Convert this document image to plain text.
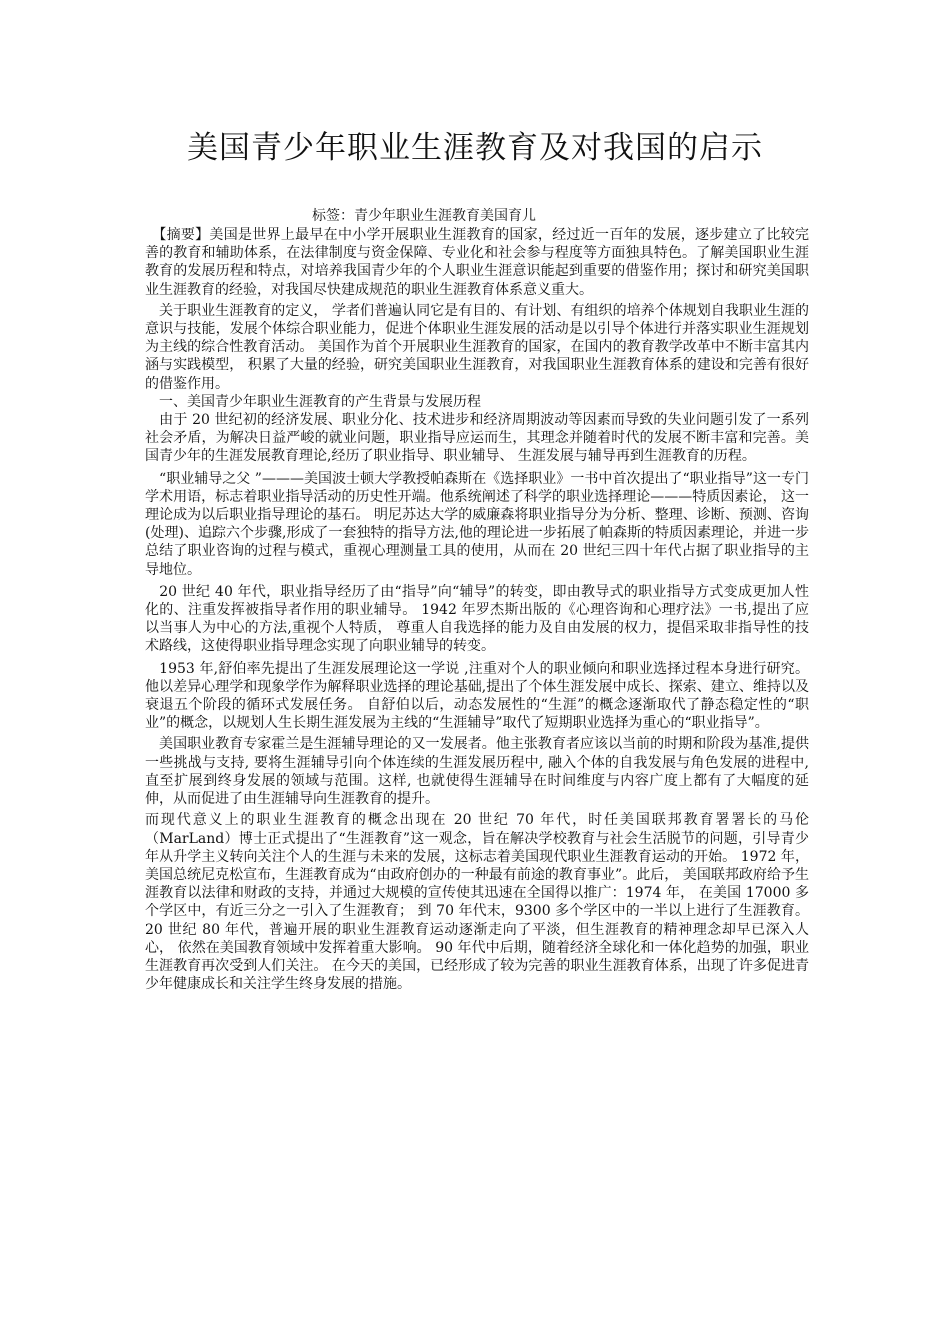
美国青少年职业生涯教育及对我国的启示
标签：青少年职业生涯教育美国育儿

　【摘要】美国是世界上最早在中小学开展职业生涯教育的国家，经过近一百年的发展，逐步建立了比较完善的教育和辅助体系，在法律制度与资金保障、专业化和社会参与程度等方面独具特色。了解美国职业生涯教育的发展历程和特点，对培养我国青少年的个人职业生涯意识能起到重要的借鉴作用；探讨和研究美国职业生涯教育的经验，对我国尽快建成规范的职业生涯教育体系意义重大。

　关于职业生涯教育的定义， 学者们普遍认同它是有目的、有计划、有组织的培养个体规划自我职业生涯的意识与技能，发展个体综合职业能力，促进个体职业生涯发展的活动是以引导个体进行并落实职业生涯规划为主线的综合性教育活动。 美国作为首个开展职业生涯教育的国家，在国内的教育教学改革中不断丰富其内涵与实践模型， 积累了大量的经验，研究美国职业生涯教育，对我国职业生涯教育体系的建设和完善有很好的借鉴作用。

　一、美国青少年职业生涯教育的产生背景与发展历程

　由于 20 世纪初的经济发展、职业分化、技术进步和经济周期波动等因素而导致的失业问题引发了一系列社会矛盾，为解决日益严峻的就业问题，职业指导应运而生，其理念并随着时代的发展不断丰富和完善。美国青少年的生涯发展教育理论,经历了职业指导、职业辅导、 生涯发展与辅导再到生涯教育的历程。

　“职业辅导之父 ”———美国波士顿大学教授帕森斯在《选择职业》一书中首次提出了“职业指导”这一专门学术用语，标志着职业指导活动的历史性开端。他系统阐述了科学的职业选择理论———特质因素论， 这一理论成为以后职业指导理论的基石。 明尼苏达大学的威廉森将职业指导分为分析、整理、诊断、预测、咨询(处理)、追踪六个步骤,形成了一套独特的指导方法,他的理论进一步拓展了帕森斯的特质因素理论，并进一步总结了职业咨询的过程与模式，重视心理测量工具的使用，从而在 20 世纪三四十年代占据了职业指导的主导地位。

　20 世纪 40 年代，职业指导经历了由“指导”向“辅导”的转变，即由教导式的职业指导方式变成更加人性化的、注重发挥被指导者作用的职业辅导。 1942 年罗杰斯出版的《心理咨询和心理疗法》一书,提出了应以当事人为中心的方法,重视个人特质， 尊重人自我选择的能力及自由发展的权力，提倡采取非指导性的技术路线，这使得职业指导理念实现了向职业辅导的转变。

　1953 年,舒伯率先提出了生涯发展理论这一学说 ,注重对个人的职业倾向和职业选择过程本身进行研究。他以差异心理学和现象学作为解释职业选择的理论基础,提出了个体生涯发展中成长、探索、建立、维持以及衰退五个阶段的循环式发展任务。 自舒伯以后，动态发展性的“生涯”的概念逐渐取代了静态稳定性的“职业”的概念，以规划人生长期生涯发展为主线的“生涯辅导”取代了短期职业选择为重心的“职业指导”。

　美国职业教育专家霍兰是生涯辅导理论的又一发展者。他主张教育者应该以当前的时期和阶段为基准,提供一些挑战与支持, 要将生涯辅导引向个体连续的生涯发展历程中, 融入个体的自我发展与角色发展的进程中, 直至扩展到终身发展的领域与范围。这样, 也就使得生涯辅导在时间维度与内容广度上都有了大幅度的延伸，从而促进了由生涯辅导向生涯教育的提升。

而现代意义上的职业生涯教育的概念出现在 20 世纪 70 年代，时任美国联邦教育署署长的马伦（MarLand）博士正式提出了“生涯教育”这一观念，旨在解决学校教育与社会生活脱节的问题，引导青少年从升学主义转向关注个人的生涯与未来的发展，这标志着美国现代职业生涯教育运动的开始。 1972 年，美国总统尼克松宣布，生涯教育成为“由政府创办的一种最有前途的教育事业”。此后， 美国联邦政府给予生涯教育以法律和财政的支持，并通过大规模的宣传使其迅速在全国得以推广：1974 年， 在美国 17000 多个学区中，有近三分之一引入了生涯教育； 到 70 年代末，9300 多个学区中的一半以上进行了生涯教育。 20 世纪 80 年代，普遍开展的职业生涯教育运动逐渐走向了平淡，但生涯教育的精神理念却早已深入人心， 依然在美国教育领域中发挥着重大影响。 90 年代中后期，随着经济全球化和一体化趋势的加强，职业生涯教育再次受到人们关注。 在今天的美国，已经形成了较为完善的职业生涯教育体系，出现了许多促进青少年健康成长和关注学生终身发展的措施。
